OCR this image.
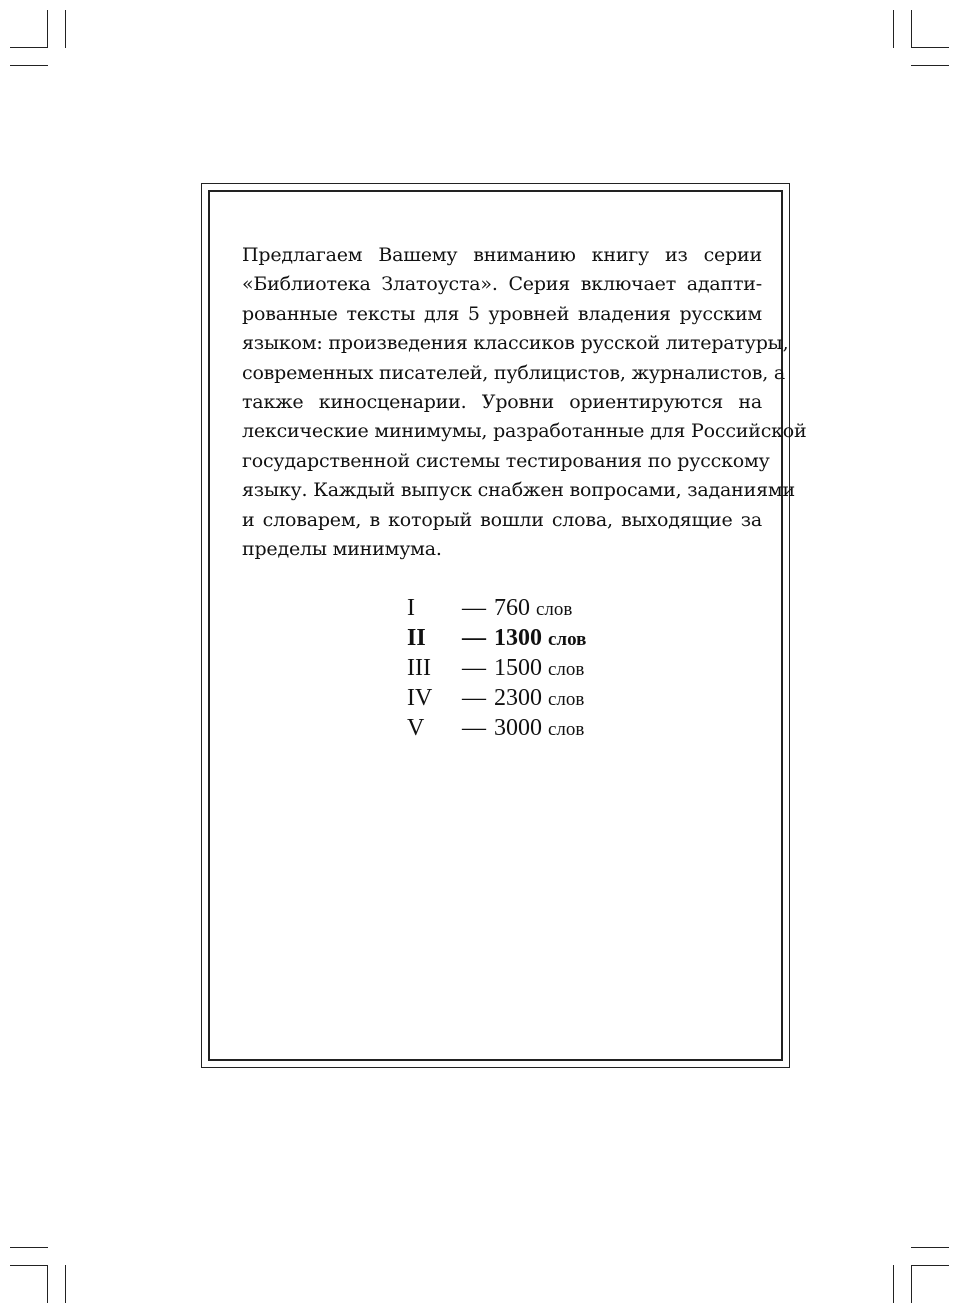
Предлагаем Вашему вниманию книгу из серии
«Библиотека Златоуста». Серия включает адапти-
рованные тексты для 5 уровней владения русским
языком: произведения классиков русской литературы,
современных писателей, публицистов, журналистов, а
также киносценарии. Уровни ориентируются на
лексические минимумы, разработанные для Российской
государственной системы тестирования по русскому
языку. Каждый выпуск снабжен вопросами, заданиями
и словарем, в который вошли слова, выходящие за
пределы минимума.
I — 760 слов
II — 1300 слов
III — 1500 слов
IV — 2300 слов
V — 3000 слов
